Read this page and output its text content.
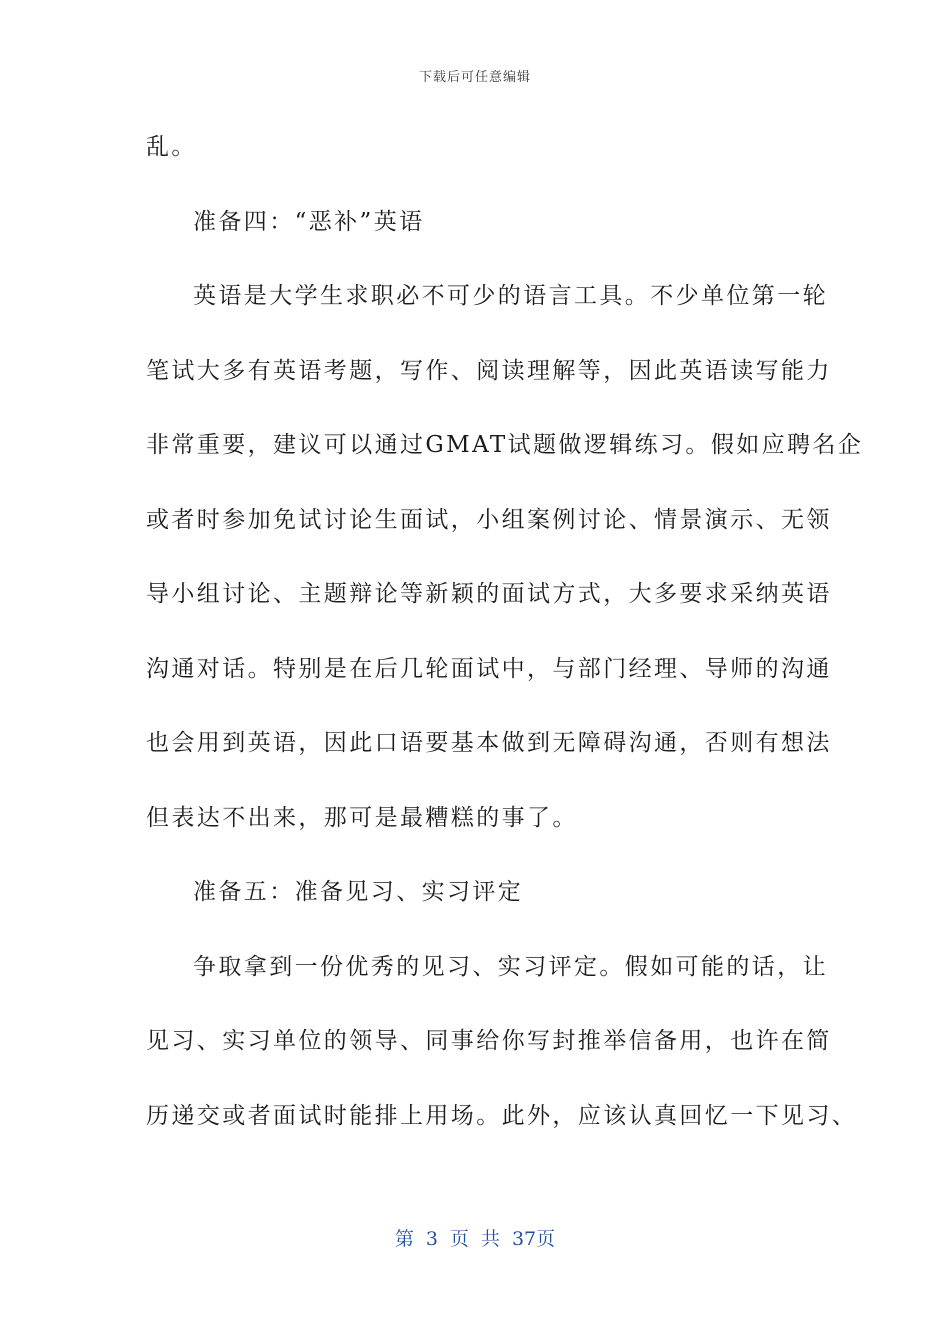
下载后可任意编辑
乱。
准备四：“恶补”英语
英语是大学生求职必不可少的语言工具。不少单位第一轮
笔试大多有英语考题，写作、阅读理解等，因此英语读写能力
非常重要，建议可以通过GMAT试题做逻辑练习。假如应聘名企
或者时参加免试讨论生面试，小组案例讨论、情景演示、无领
导小组讨论、主题辩论等新颖的面试方式，大多要求采纳英语
沟通对话。特别是在后几轮面试中，与部门经理、导师的沟通
也会用到英语，因此口语要基本做到无障碍沟通，否则有想法
但表达不出来，那可是最糟糕的事了。
准备五：准备见习、实习评定
争取拿到一份优秀的见习、实习评定。假如可能的话，让
见习、实习单位的领导、同事给你写封推举信备用，也许在简
历递交或者面试时能排上用场。此外，应该认真回忆一下见习、
第 3 页 共 37页
